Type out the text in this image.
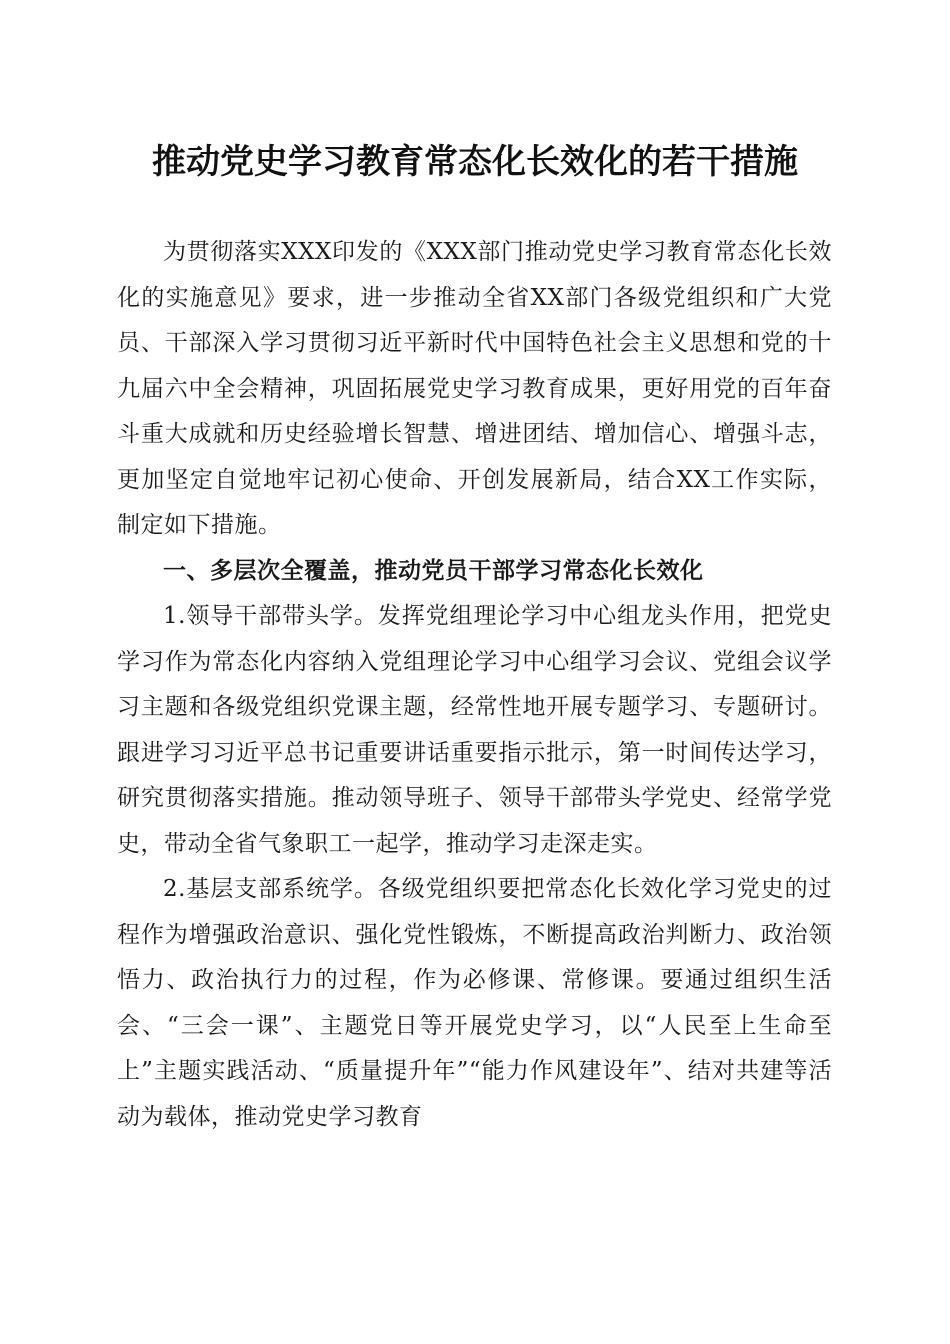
推动党史学习教育常态化长效化的若干措施

为贯彻落实XXX印发的《XXX部门推动党史学习教育常态化长效化的实施意见》要求，进一步推动全省XX部门各级党组织和广大党员、干部深入学习贯彻习近平新时代中国特色社会主义思想和党的十九届六中全会精神，巩固拓展党史学习教育成果，更好用党的百年奋斗重大成就和历史经验增长智慧、增进团结、增加信心、增强斗志，更加坚定自觉地牢记初心使命、开创发展新局，结合XX工作实际，制定如下措施。

一、多层次全覆盖，推动党员干部学习常态化长效化

1.领导干部带头学。发挥党组理论学习中心组龙头作用，把党史学习作为常态化内容纳入党组理论学习中心组学习会议、党组会议学习主题和各级党组织党课主题，经常性地开展专题学习、专题研讨。跟进学习习近平总书记重要讲话重要指示批示，第一时间传达学习，研究贯彻落实措施。推动领导班子、领导干部带头学党史、经常学党史，带动全省气象职工一起学，推动学习走深走实。

2.基层支部系统学。各级党组织要把常态化长效化学习党史的过程作为增强政治意识、强化党性锻炼，不断提高政治判断力、政治领悟力、政治执行力的过程，作为必修课、常修课。要通过组织生活会、“三会一课”、主题党日等开展党史学习，以“人民至上生命至上”主题实践活动、“质量提升年”“能力作风建设年”、结对共建等活动为载体，推动党史学习教育
